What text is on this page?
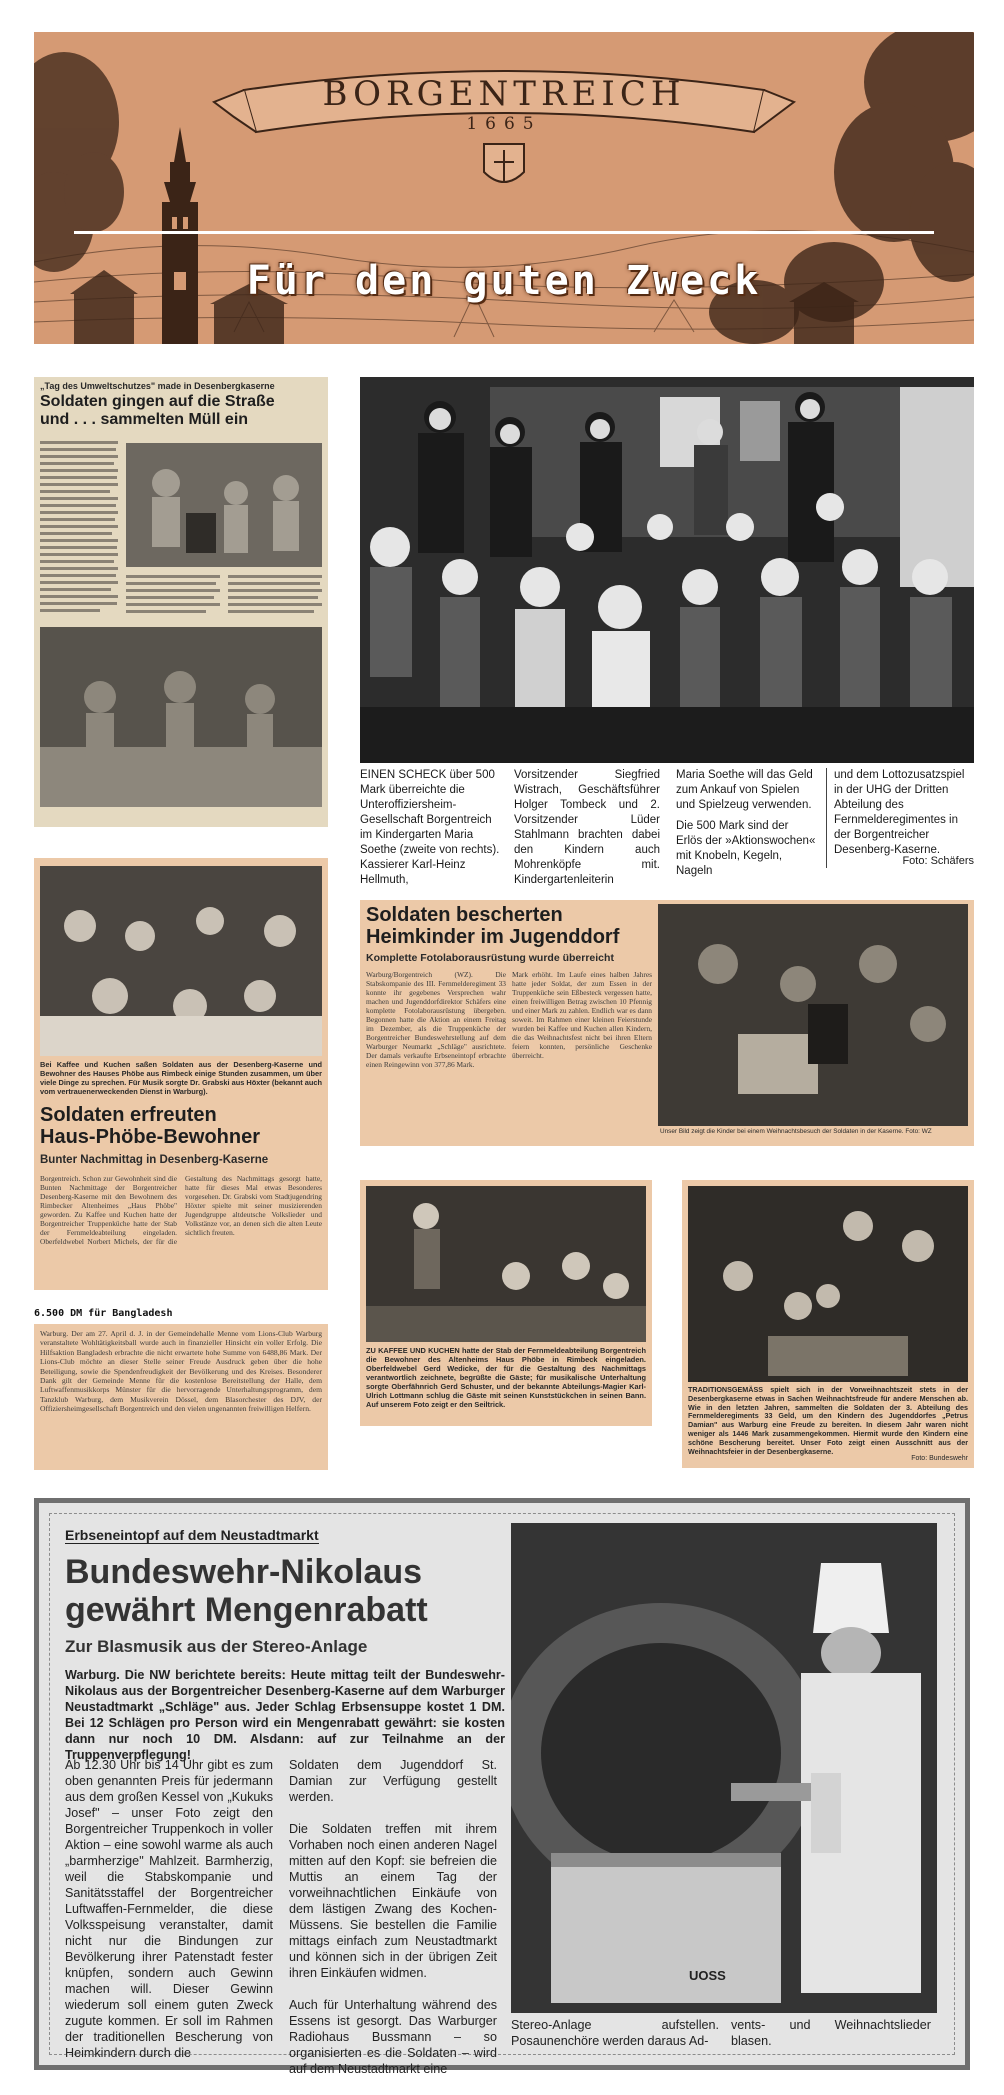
BORGENTREICH
1665
Für den guten Zweck
„Tag des Umweltschutzes" made in Desenbergkaserne
Soldaten gingen auf die Straße
und . . . sammelten Müll ein
EINEN SCHECK über 500 Mark überreichte die Unteroffiziersheim-Gesellschaft Borgentreich im Kindergarten Maria Soethe (zweite von rechts). Kassierer Karl-Heinz Hellmuth,
Vorsitzender Siegfried Wistrach, Geschäftsführer Holger Tombeck und 2. Vorsitzender Lüder Stahlmann brachten dabei den Kindern auch Mohrenköpfe mit. Kindergartenleiterin
Maria Soethe will das Geld zum Ankauf von Spielen und Spielzeug verwenden.
Die 500 Mark sind der Erlös der »Aktionswochen« mit Knobeln, Kegeln, Nageln
und dem Lottozusatzspiel in der UHG der Dritten Abteilung des Fernmelderegimentes in der Borgentreicher Desenberg-Kaserne.
Foto: Schäfers
Bei Kaffee und Kuchen saßen Soldaten aus der Desenberg-Kaserne und Bewohner des Hauses Phöbe aus Rimbeck einige Stunden zusammen, um über viele Dinge zu sprechen. Für Musik sorgte Dr. Grabski aus Höxter (bekannt auch vom vertrauenerweckenden Dienst in Warburg).
Soldaten erfreuten
Haus-Phöbe-Bewohner
Bunter Nachmittag in Desenberg-Kaserne
Borgentreich. Schon zur Gewohnheit sind die Bunten Nachmittage der Borgentreicher Desenberg-Kaserne mit den Bewohnern des Rimbecker Altenheimes „Haus Phöbe" geworden. Zu Kaffee und Kuchen hatte der Borgentreicher Truppenküche hatte der Stab der Fernmeldeabteilung eingeladen. Oberfeldwebel Norbert Michels, der für die Gestaltung des Nachmittags gesorgt hatte, hatte für dieses Mal etwas Besonderes vorgesehen. Dr. Grabski vom Stadtjugendring Höxter spielte mit seiner musizierenden Jugendgruppe altdeutsche Volkslieder und Volkstänze vor, an denen sich die alten Leute sichtlich freuten.
6.500 DM für Bangladesh
Warburg. Der am 27. April d. J. in der Gemeindehalle Menne vom Lions-Club Warburg veranstaltete Wohltätigkeitsball wurde auch in finanzieller Hinsicht ein voller Erfolg. Die Hilfsaktion Bangladesh erbrachte die nicht erwartete hohe Summe von 6488,86 Mark. Der Lions-Club möchte an dieser Stelle seiner Freude Ausdruck geben über die hohe Beteiligung, sowie die Spendenfreudigkeit der Bevölkerung und des Kreises. Besonderer Dank gilt der Gemeinde Menne für die kostenlose Bereitstellung der Halle, dem Luftwaffenmusikkorps Münster für die hervorragende Unterhaltungsprogramm, dem Tanzklub Warburg, dem Musikverein Dössel, dem Blasorchester des DJV, der Offiziersheimgesellschaft Borgentreich und den vielen ungenannten freiwilligen Helfern.
Soldaten bescherten
Heimkinder im Jugenddorf
Komplette Fotolaborausrüstung wurde überreicht
Warburg/Borgentreich (WZ). Die Stabskompanie des III. Fernmelderegiment 33 konnte ihr gegebenes Versprechen wahr machen und Jugenddorfdirektor Schäfers eine komplette Fotolaborausrüstung übergeben. Begonnen hatte die Aktion an einem Freitag im Dezember, als die Truppenküche der Borgentreicher Bundeswehrstellung auf dem Warburger Neumarkt „Schläge" ausrichtete. Der damals verkaufte Erbseneintopf erbrachte einen Reingewinn von 377,86 Mark.
Mark erhöht. Im Laufe eines halben Jahres hatte jeder Soldat, der zum Essen in der Truppenküche sein Eßbesteck vergessen hatte, einen freiwilligen Betrag zwischen 10 Pfennig und einer Mark zu zahlen. Endlich war es dann soweit. Im Rahmen einer kleinen Feierstunde wurden bei Kaffee und Kuchen allen Kindern, die das Weihnachtsfest nicht bei ihren Eltern feiern konnten, persönliche Geschenke überreicht.
Unser Bild zeigt die Kinder bei einem Weihnachtsbesuch der Soldaten in der Kaserne. Foto: WZ
ZU KAFFEE UND KUCHEN hatte der Stab der Fernmeldeabteilung Borgentreich die Bewohner des Altenheims Haus Phöbe in Rimbeck eingeladen. Oberfeldwebel Gerd Wedicke, der für die Gestaltung des Nachmittags verantwortlich zeichnete, begrüßte die Gäste; für musikalische Unterhaltung sorgte Oberfähnrich Gerd Schuster, und der bekannte Abteilungs-Magier Karl-Ulrich Lottmann schlug die Gäste mit seinen Kunststückchen in seinen Bann. Auf unserem Foto zeigt er den Seiltrick.
TRADITIONSGEMÄSS spielt sich in der Vorweihnachtszeit stets in der Desenbergkaserne etwas in Sachen Weihnachtsfreude für andere Menschen ab. Wie in den letzten Jahren, sammelten die Soldaten der 3. Abteilung des Fernmelderegiments 33 Geld, um den Kindern des Jugenddorfes „Petrus Damian" aus Warburg eine Freude zu bereiten. In diesem Jahr waren nicht weniger als 1446 Mark zusammengekommen. Hiermit wurde den Kindern eine schöne Bescherung bereitet. Unser Foto zeigt einen Ausschnitt aus der Weihnachtsfeier in der Desenbergkaserne.
Foto: Bundeswehr
Erbseneintopf auf dem Neustadtmarkt
Bundeswehr-Nikolaus
gewährt Mengenrabatt
Zur Blasmusik aus der Stereo-Anlage
Warburg. Die NW berichtete bereits: Heute mittag teilt der Bundeswehr-Nikolaus aus der Borgentreicher Desenberg-Kaserne auf dem Warburger Neustadtmarkt „Schläge" aus. Jeder Schlag Erbsensuppe kostet 1 DM. Bei 12 Schlägen pro Person wird ein Mengenrabatt gewährt: sie kosten dann nur noch 10 DM. Alsdann: auf zur Teilnahme an der Truppenverpflegung!
Ab 12.30 Uhr bis 14 Uhr gibt es zum oben genannten Preis für jedermann aus dem großen Kessel von „Kukuks Josef" – unser Foto zeigt den Borgentreicher Truppenkoch in voller Aktion – eine sowohl warme als auch „barmherzige" Mahlzeit. Barmherzig, weil die Stabskompanie und Sanitätsstaffel der Borgentreicher Luftwaffen-Fernmelder, die diese Volksspeisung veranstalter, damit nicht nur die Bindungen zur Bevölkerung ihrer Patenstadt fester knüpfen, sondern auch Gewinn machen will. Dieser Gewinn wiederum soll einem guten Zweck zugute kommen. Er soll im Rahmen der traditionellen Bescherung von Heimkindern durch die
Soldaten dem Jugenddorf St. Damian zur Verfügung gestellt werden.

Die Soldaten treffen mit ihrem Vorhaben noch einen anderen Nagel mitten auf den Kopf: sie befreien die Muttis an einem Tag der vorweihnachtlichen Einkäufe von dem lästigen Zwang des Kochen-Müssens. Sie bestellen die Familie mittags einfach zum Neustadtmarkt und können sich in der übrigen Zeit ihren Einkäufen widmen.

Auch für Unterhaltung während des Essens ist gesorgt. Das Warburger Radiohaus Bussmann – so organisierten es die Soldaten – wird auf dem Neustadtmarkt eine
UOSS
Stereo-Anlage aufstellen. Posaunenchöre werden daraus Ad-
vents- und Weihnachtslieder blasen.
